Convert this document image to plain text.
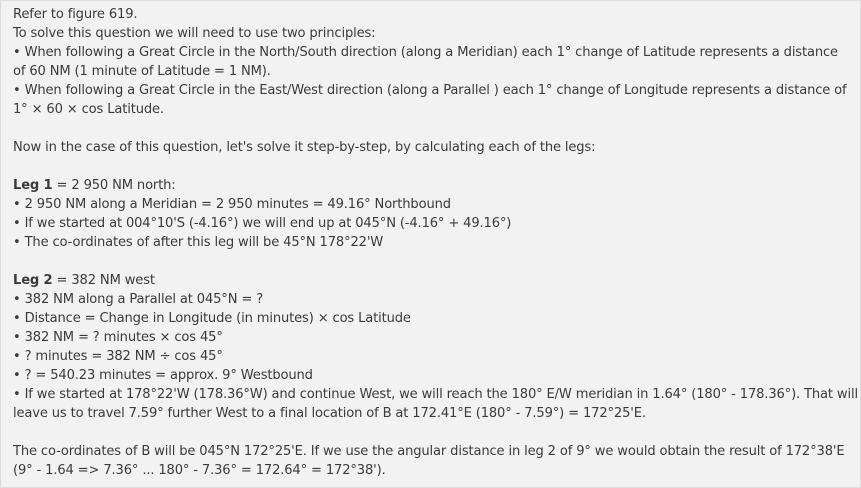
Refer to figure 619.
To solve this question we will need to use two principles:
• When following a Great Circle in the North/South direction (along a Meridian) each 1° change of Latitude represents a distance
of 60 NM (1 minute of Latitude = 1 NM).
• When following a Great Circle in the East/West direction (along a Parallel ) each 1° change of Longitude represents a distance of
1° × 60 × cos Latitude.
Now in the case of this question, let's solve it step-by-step, by calculating each of the legs:
Leg 1 = 2 950 NM north:
• 2 950 NM along a Meridian = 2 950 minutes = 49.16° Northbound
• If we started at 004°10'S (-4.16°) we will end up at 045°N (-4.16° + 49.16°)
• The co-ordinates of after this leg will be 45°N 178°22'W
Leg 2 = 382 NM west
• 382 NM along a Parallel at 045°N = ?
• Distance = Change in Longitude (in minutes) × cos Latitude
• 382 NM = ? minutes × cos 45°
• ? minutes = 382 NM ÷ cos 45°
• ? = 540.23 minutes = approx. 9° Westbound
• If we started at 178°22'W (178.36°W) and continue West, we will reach the 180° E/W meridian in 1.64° (180° - 178.36°). That will
leave us to travel 7.59° further West to a final location of B at 172.41°E (180° - 7.59°) = 172°25'E.
The co-ordinates of B will be 045°N 172°25'E. If we use the angular distance in leg 2 of 9° we would obtain the result of 172°38'E
(9° - 1.64 => 7.36° ... 180° - 7.36° = 172.64° = 172°38').
